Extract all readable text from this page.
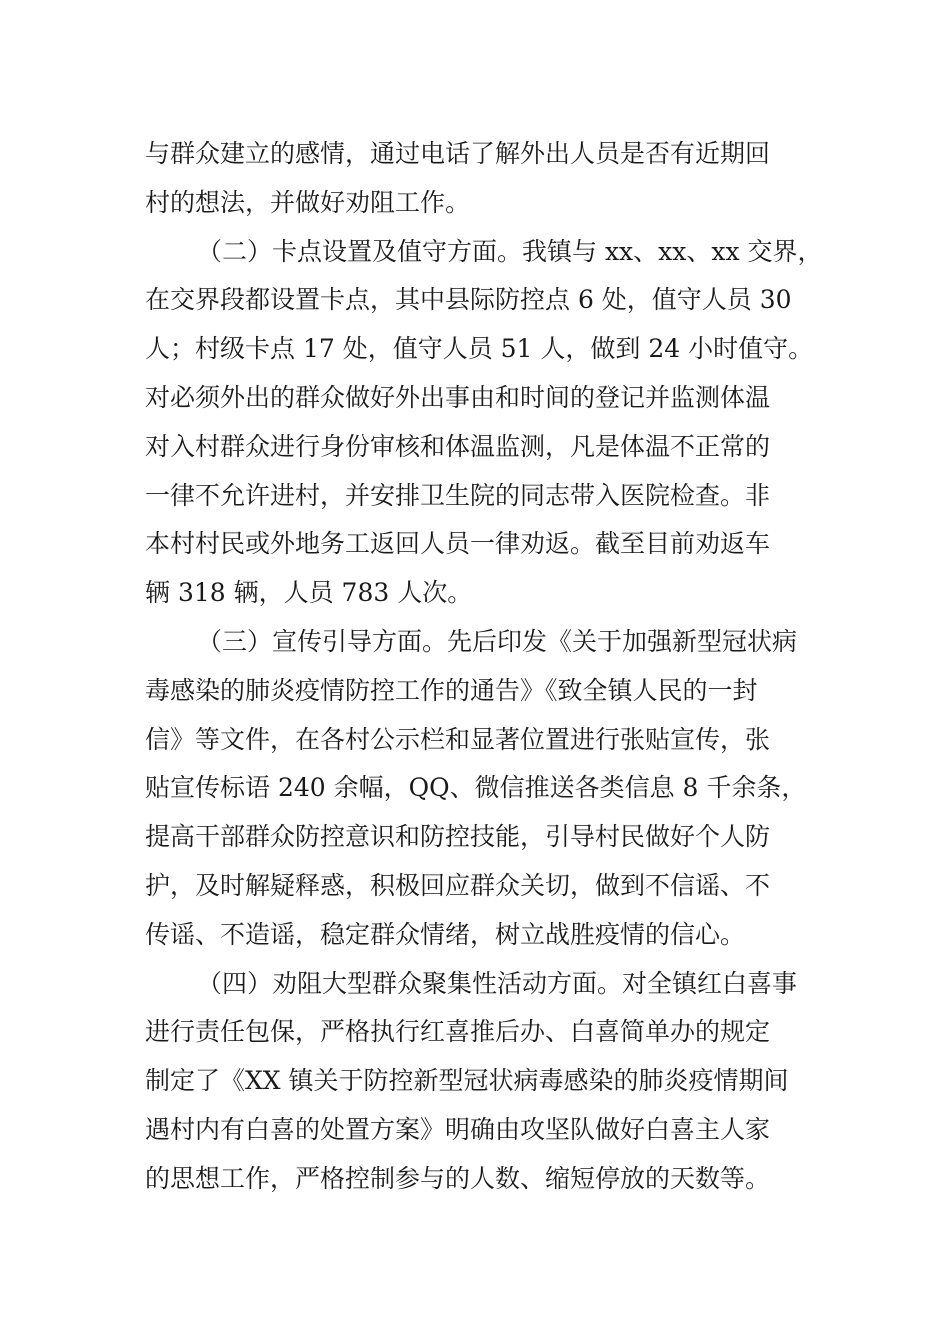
与群众建立的感情，通过电话了解外出人员是否有近期回
村的想法，并做好劝阻工作。
（二）卡点设置及值守方面。我镇与 xx、xx、xx 交界，
在交界段都设置卡点，其中县际防控点 6 处，值守人员 30
人；村级卡点 17 处，值守人员 51 人，做到 24 小时值守。
对必须外出的群众做好外出事由和时间的登记并监测体温
对入村群众进行身份审核和体温监测，凡是体温不正常的
一律不允许进村，并安排卫生院的同志带入医院检查。非
本村村民或外地务工返回人员一律劝返。截至目前劝返车
辆 318 辆，人员 783 人次。
（三）宣传引导方面。先后印发《关于加强新型冠状病
毒感染的肺炎疫情防控工作的通告》《致全镇人民的一封
信》等文件，在各村公示栏和显著位置进行张贴宣传，张
贴宣传标语 240 余幅，QQ、微信推送各类信息 8 千余条，
提高干部群众防控意识和防控技能，引导村民做好个人防
护，及时解疑释惑，积极回应群众关切，做到不信谣、不
传谣、不造谣，稳定群众情绪，树立战胜疫情的信心。
（四）劝阻大型群众聚集性活动方面。对全镇红白喜事
进行责任包保，严格执行红喜推后办、白喜简单办的规定
制定了《XX 镇关于防控新型冠状病毒感染的肺炎疫情期间
遇村内有白喜的处置方案》明确由攻坚队做好白喜主人家
的思想工作，严格控制参与的人数、缩短停放的天数等。
